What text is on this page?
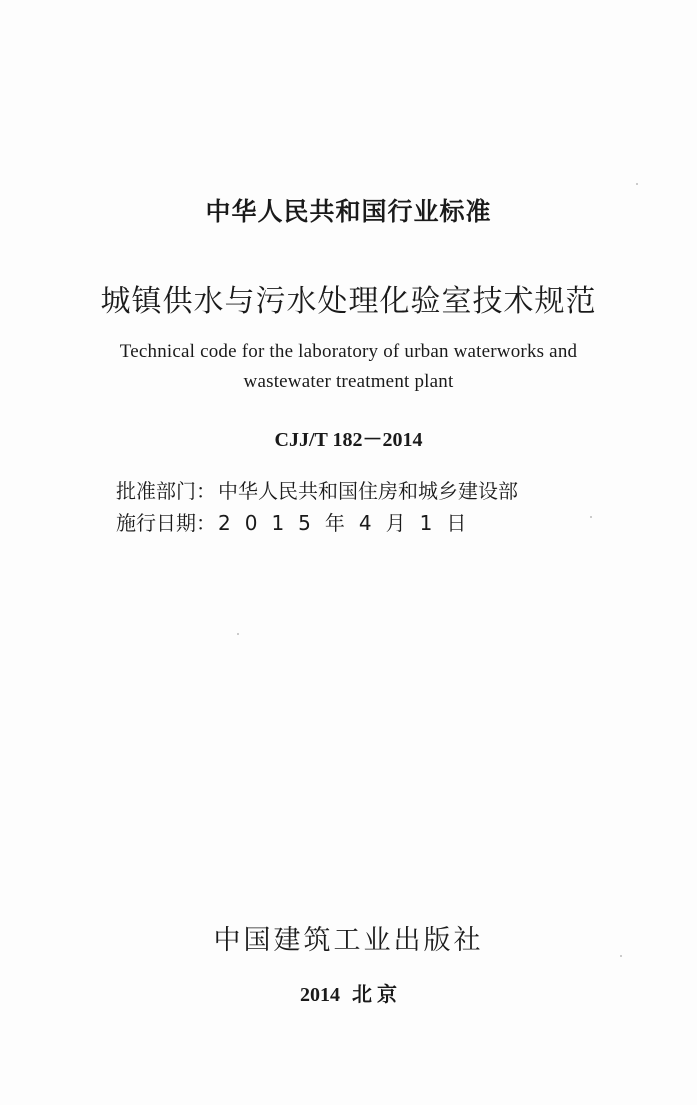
中华人民共和国行业标准
城镇供水与污水处理化验室技术规范
Technical code for the laboratory of urban waterworks and
wastewater treatment plant
CJJ/T 182－2014
批准部门： 中华人民共和国住房和城乡建设部
施行日期： 2015年4月1日
中国建筑工业出版社
2014 北 京
